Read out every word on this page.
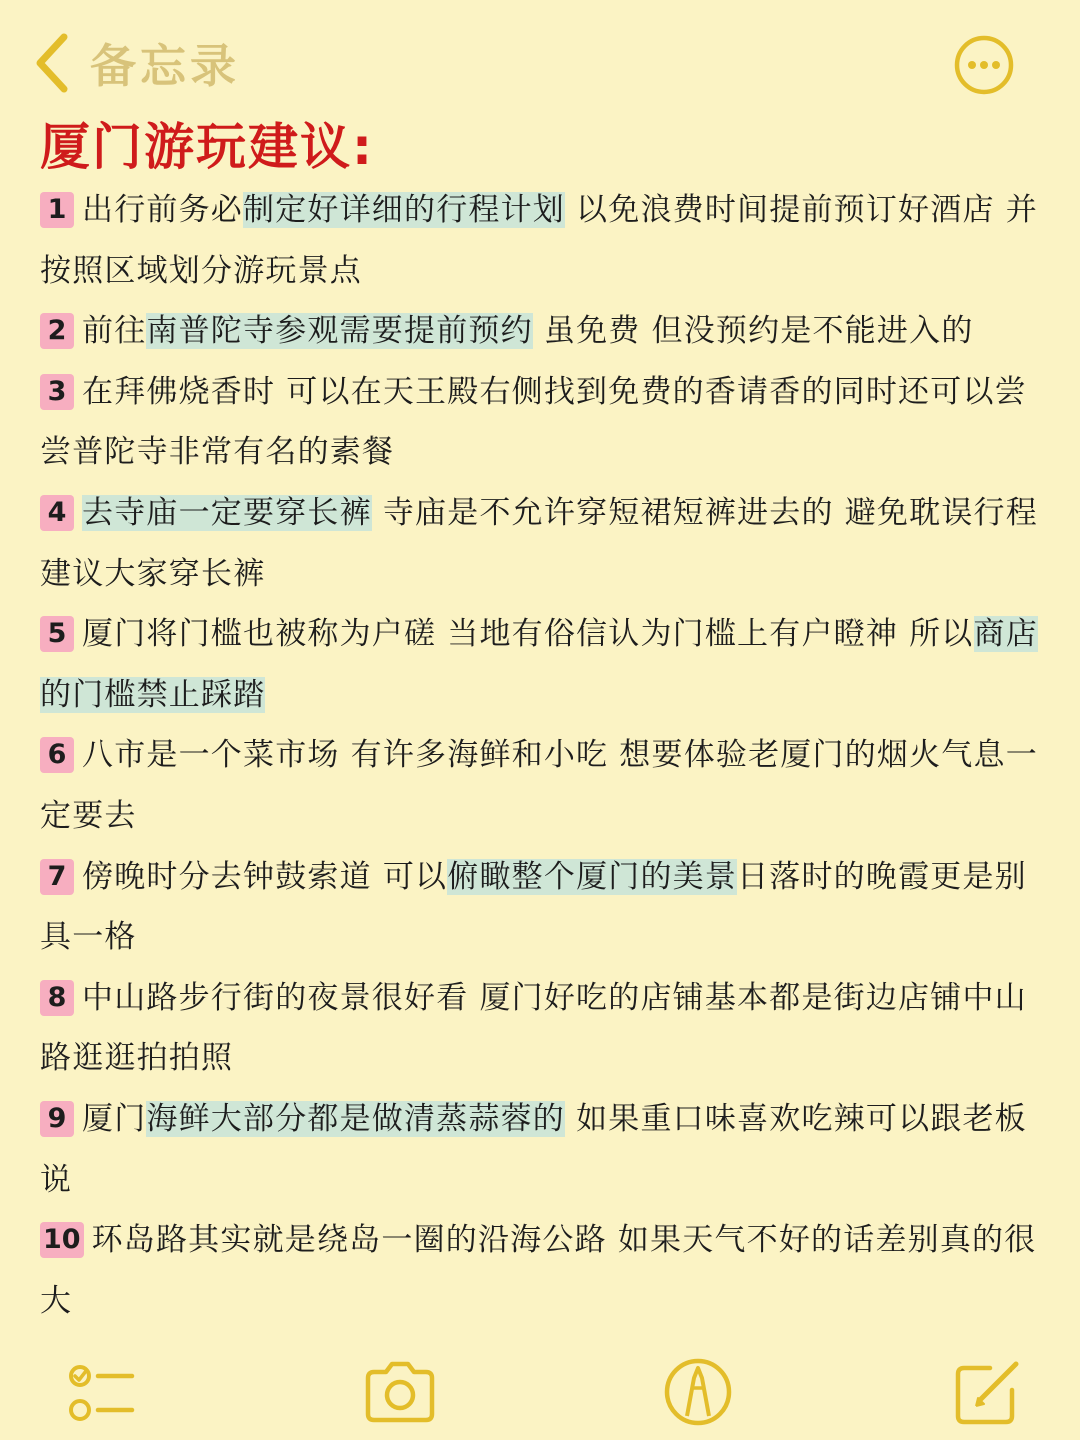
备忘录
厦门游玩建议:

1 出行前务必制定好详细的行程计划 以免浪费时间提前预订好酒店 并按照区域划分游玩景点

2 前往南普陀寺参观需要提前预约 虽免费 但没预约是不能进入的

3 在拜佛烧香时 可以在天王殿右侧找到免费的香请香的同时还可以尝尝普陀寺非常有名的素餐

4 去寺庙一定要穿长裤 寺庙是不允许穿短裙短裤进去的 避免耽误行程建议大家穿长裤

5 厦门将门槛也被称为户磋 当地有俗信认为门槛上有户瞪神 所以商店的门槛禁止踩踏

6 八市是一个菜市场 有许多海鲜和小吃 想要体验老厦门的烟火气息一定要去

7 傍晚时分去钟鼓索道 可以俯瞰整个厦门的美景日落时的晚霞更是别具一格

8 中山路步行街的夜景很好看 厦门好吃的店铺基本都是街边店铺中山路逛逛拍拍照

9 厦门海鲜大部分都是做清蒸蒜蓉的 如果重口味喜欢吃辣可以跟老板说

10 环岛路其实就是绕岛一圈的沿海公路 如果天气不好的话差别真的很大
